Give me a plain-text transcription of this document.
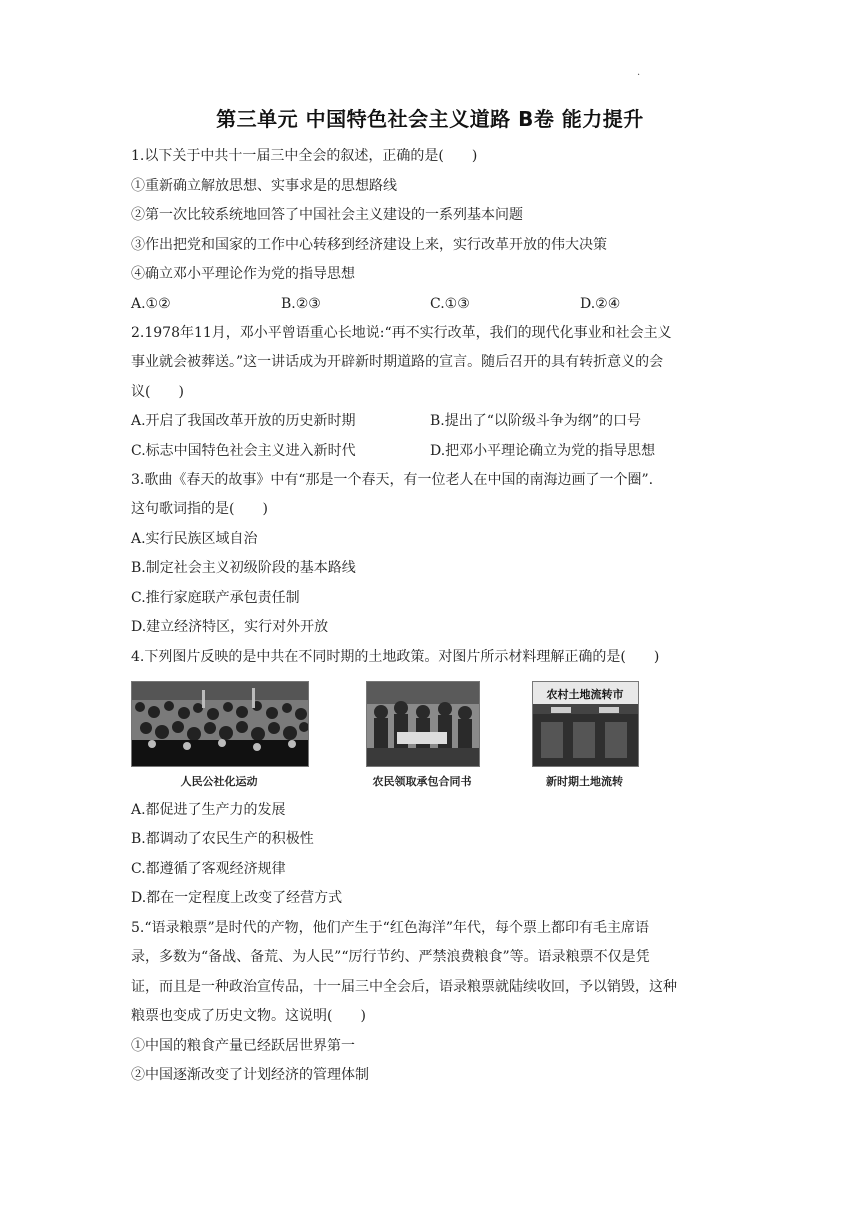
·
第三单元 中国特色社会主义道路 B卷 能力提升
1.以下关于中共十一届三中全会的叙述，正确的是(　　)
①重新确立解放思想、实事求是的思想路线
②第一次比较系统地回答了中国社会主义建设的一系列基本问题
③作出把党和国家的工作中心转移到经济建设上来，实行改革开放的伟大决策
④确立邓小平理论作为党的指导思想
A.①②	B.②③	C.①③	D.②④
2.1978年11月，邓小平曾语重心长地说:“再不实行改革，我们的现代化事业和社会主义
事业就会被葬送。”这一讲话成为开辟新时期道路的宣言。随后召开的具有转折意义的会
议(　　)
A.开启了我国改革开放的历史新时期	B.提出了“以阶级斗争为纲”的口号
C.标志中国特色社会主义进入新时代	D.把邓小平理论确立为党的指导思想
3.歌曲《春天的故事》中有“那是一个春天，有一位老人在中国的南海边画了一个圈”.
这句歌词指的是(　　)
A.实行民族区域自治
B.制定社会主义初级阶段的基本路线
C.推行家庭联产承包责任制
D.建立经济特区，实行对外开放
4.下列图片反映的是中共在不同时期的土地政策。对图片所示材料理解正确的是(　　)
人民公社化运动	农民领取承包合同书
农村土地流转市
新时期土地流转
A.都促进了生产力的发展
B.都调动了农民生产的积极性
C.都遵循了客观经济规律
D.都在一定程度上改变了经营方式
5.“语录粮票”是时代的产物，他们产生于“红色海洋”年代，每个票上都印有毛主席语
录，多数为“备战、备荒、为人民”“厉行节约、严禁浪费粮食”等。语录粮票不仅是凭
证，而且是一种政治宣传品，十一届三中全会后，语录粮票就陆续收回，予以销毁，这种
粮票也变成了历史文物。这说明(　　)
①中国的粮食产量已经跃居世界第一
②中国逐渐改变了计划经济的管理体制
